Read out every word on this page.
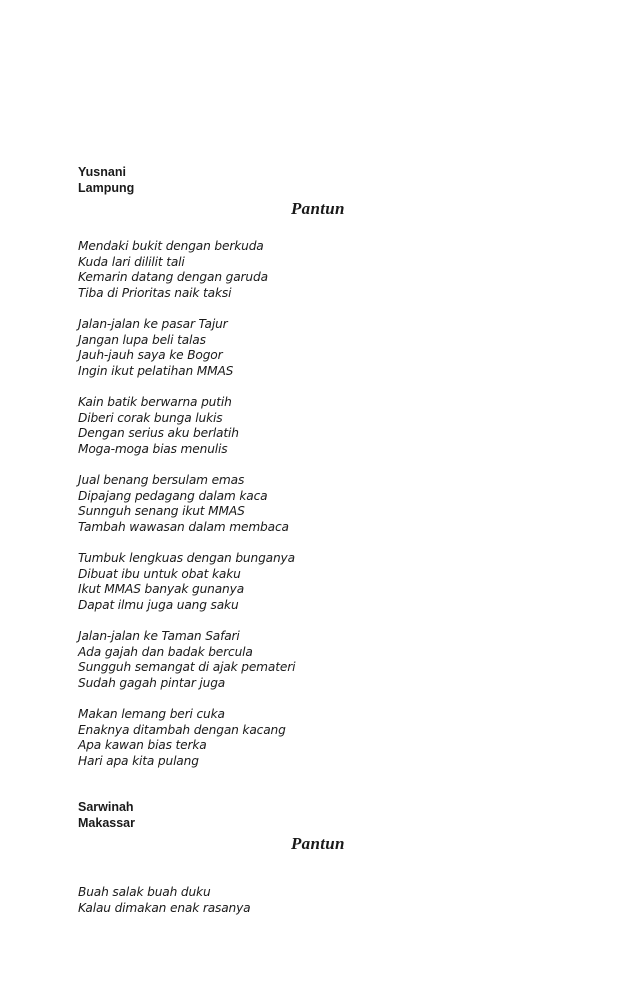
Yusnani
Lampung
Pantun
Mendaki bukit dengan berkuda
Kuda lari dililit tali
Kemarin datang dengan garuda
Tiba di Prioritas naik taksi
Jalan-jalan ke pasar Tajur
Jangan lupa beli talas
Jauh-jauh saya ke Bogor
Ingin ikut pelatihan MMAS
Kain batik berwarna putih
Diberi corak bunga lukis
Dengan serius aku berlatih
Moga-moga bias menulis
Jual benang bersulam emas
Dipajang pedagang dalam kaca
Sunnguh senang ikut MMAS
Tambah wawasan dalam membaca
Tumbuk lengkuas dengan bunganya
Dibuat ibu untuk obat kaku
Ikut MMAS banyak gunanya
Dapat ilmu juga uang saku
Jalan-jalan ke Taman Safari
Ada gajah dan badak bercula
Sungguh semangat di ajak pemateri
Sudah gagah pintar juga
Makan lemang beri cuka
Enaknya ditambah dengan kacang
Apa kawan bias terka
Hari apa kita pulang
Sarwinah
Makassar
Pantun
Buah salak buah duku
Kalau dimakan enak rasanya
